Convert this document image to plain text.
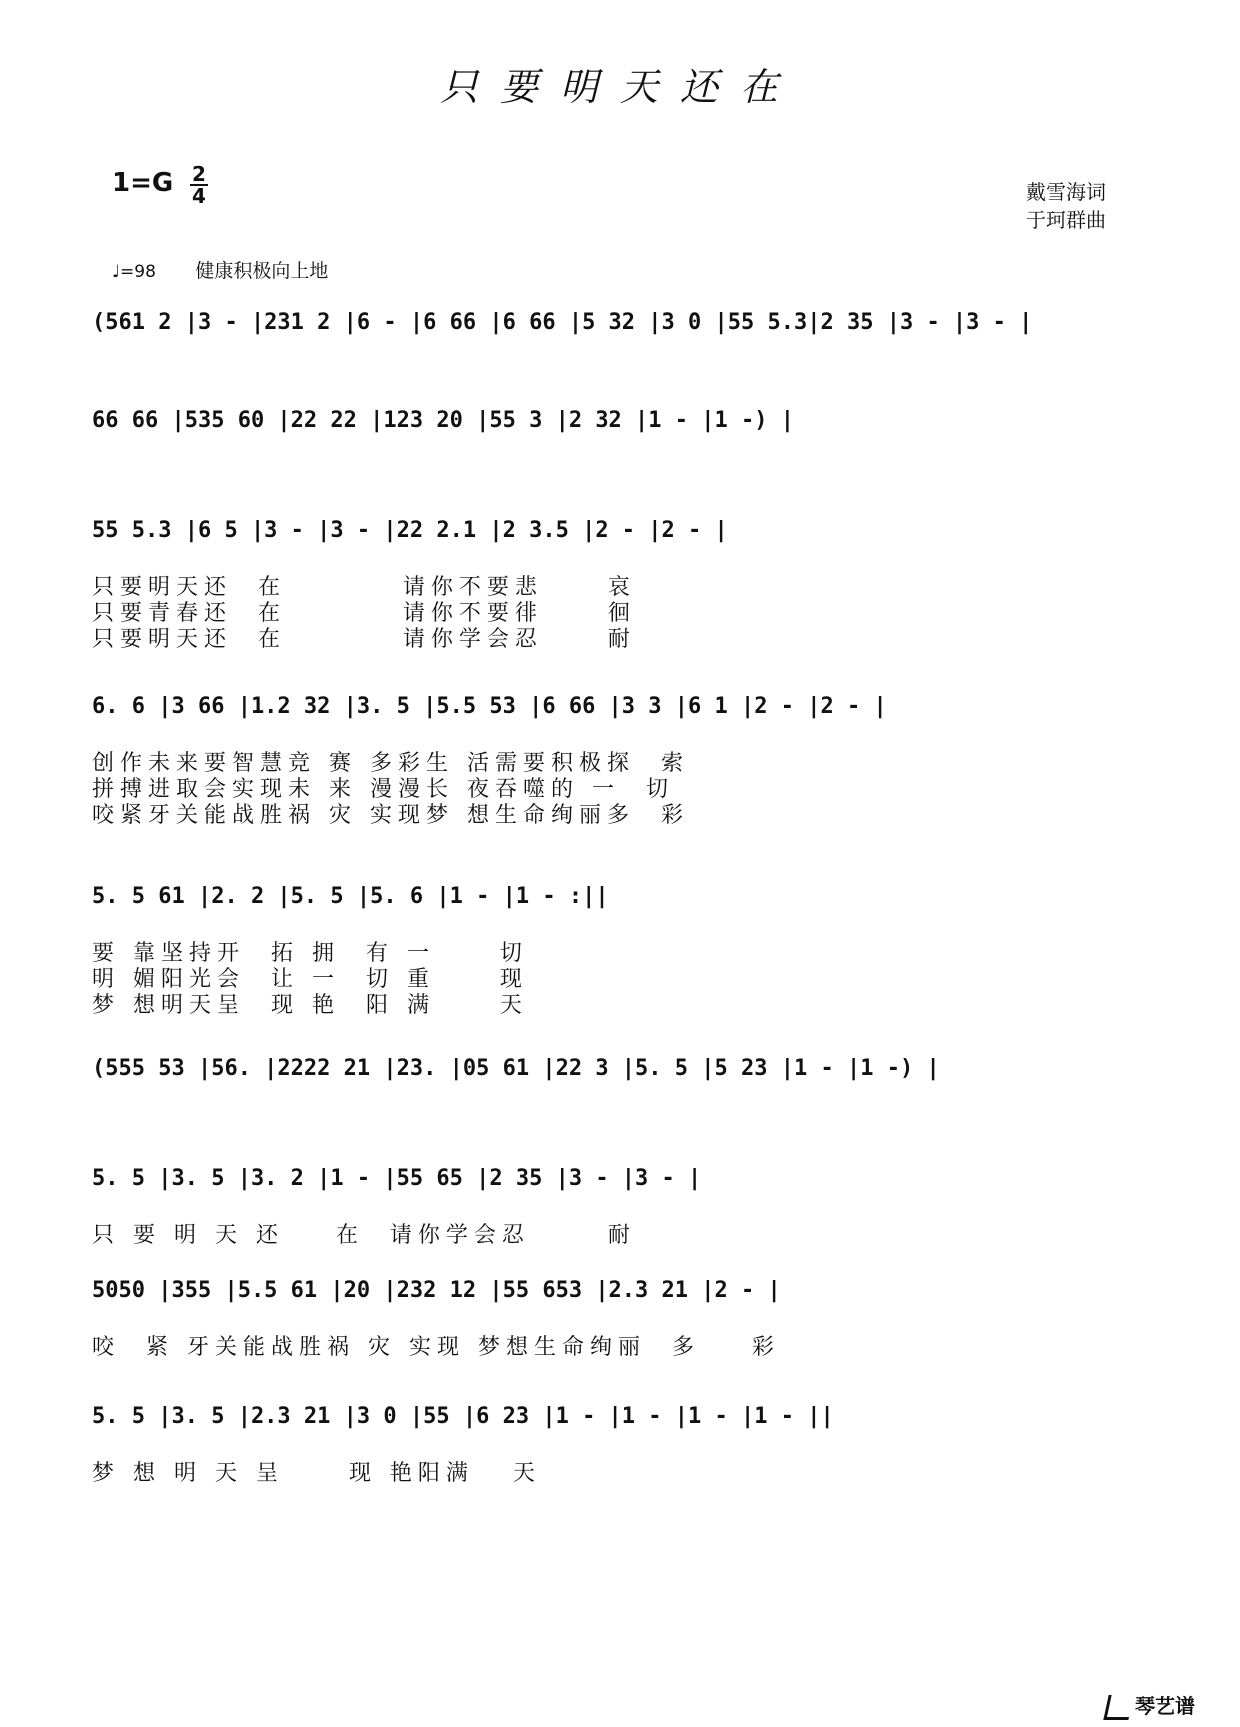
只要明天还在
$1=G \frac{2}{4}$	戴雪海词
于珂群曲
♩=98 健康积极向上地
(561 2 |3 - |231 2 |6 - |6 66 |6 66 |5 32 |3 0 |55 5.3|2 35 |3 - |3 - |
66 66 |535 60 |22 22 |123 20 |55 3 |2 32 |1 - |1 -) |
55 5.3 |6 5 |3 - |3 - |22 2.1 |2 3.5 |2 - |2 - |
只要明天还  在         请你不要悲     哀
只要青春还  在         请你不要徘     徊
只要明天还  在         请你学会忍     耐
6. 6 |3 66 |1.2 32 |3. 5 |5.5 53 |6 66 |3 3 |6 1 |2 - |2 - |
创作未来要智慧竞 赛 多彩生 活需要积极探  索
拼搏进取会实现未 来 漫漫长 夜吞噬的 一  切
咬紧牙关能战胜祸 灾 实现梦 想生命绚丽多  彩
5. 5 61 |2. 2 |5. 5 |5. 6 |1 - |1 - :||
要 靠坚持开  拓 拥  有 一     切
明 媚阳光会  让 一  切 重     现
梦 想明天呈  现 艳  阳 满     天
(555 53 |56. |2222 21 |23. |05 61 |22 3 |5. 5 |5 23 |1 - |1 -) |
5. 5 |3. 5 |3. 2 |1 - |55 65 |2 35 |3 - |3 - |
只 要 明 天 还    在  请你学会忍      耐
5050 |355 |5.5 61 |20 |232 12 |55 653 |2.3 21 |2 - |
咬  紧 牙关能战胜祸 灾 实现 梦想生命绚丽  多    彩
5. 5 |3. 5 |2.3 21 |3 0 |55 |6 23 |1 - |1 - |1 - |1 - ||
梦 想 明 天 呈     现 艳阳满   天
琴艺谱
